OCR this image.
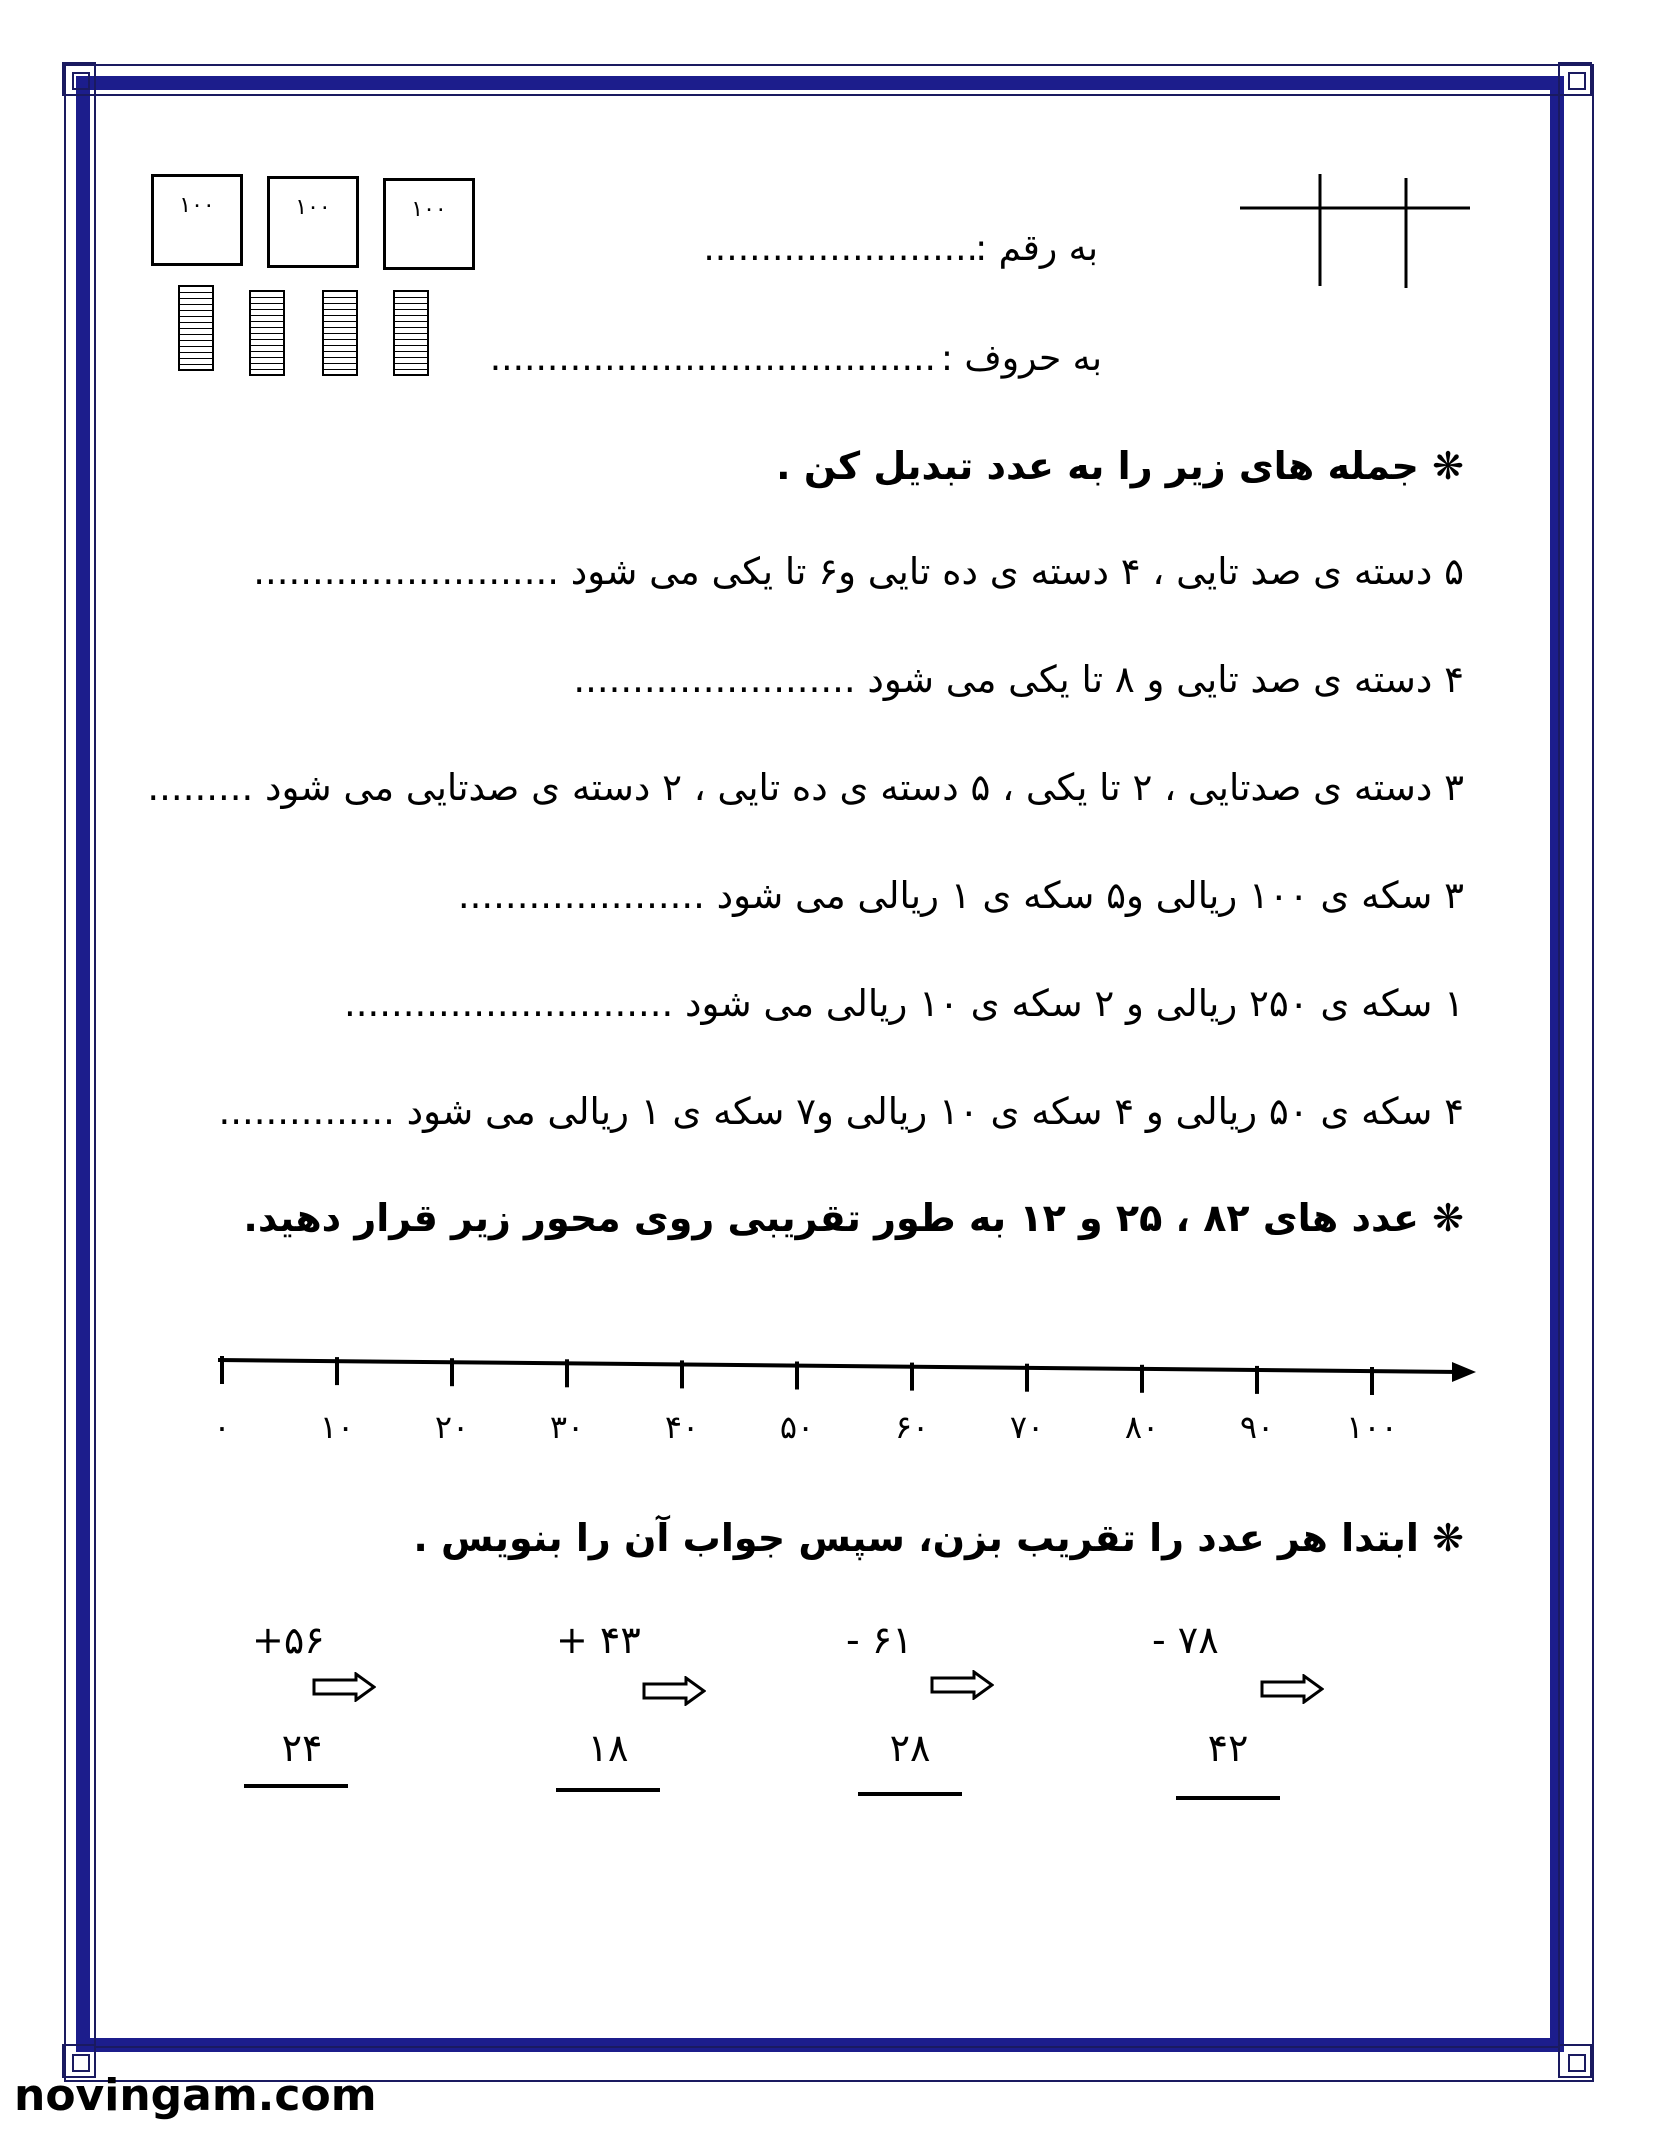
۱۰۰	۱۰۰	۱۰۰
به رقم :
........................
به حروف :
.......................................
❋ جمله های زیر را به عدد تبدیل کن .
۵ دسته ی صد تایی ، ۴ دسته ی ده تایی و۶ تا یکی می شود ..........................
۴ دسته ی صد تایی و ۸ تا یکی می شود ........................
۳ دسته ی صدتایی ، ۲ تا یکی ، ۵ دسته ی ده تایی ، ۲ دسته ی صدتایی می شود .........
۳ سکه ی ۱۰۰ ریالی و۵ سکه ی ۱ ریالی می شود .....................
۱ سکه ی ۲۵۰ ریالی و ۲ سکه ی ۱۰ ریالی می شود ............................
۴ سکه ی ۵۰ ریالی و ۴ سکه ی ۱۰ ریالی و۷ سکه ی ۱ ریالی می شود ...............
❋ عدد های ۸۲ ، ۲۵ و ۱۲ به طور تقریبی روی محور زیر قرار دهید.
۰	۱۰	۲۰	۳۰	۴۰	۵۰	۶۰	۷۰	۸۰	۹۰	۱۰۰
❋ ابتدا هر عدد را تقریب بزن، سپس جواب آن را بنویس .
+۵۶	+ ۴۳	- ۶۱	- ۷۸
۲۴	۱۸	۲۸	۴۲
novingam.com
